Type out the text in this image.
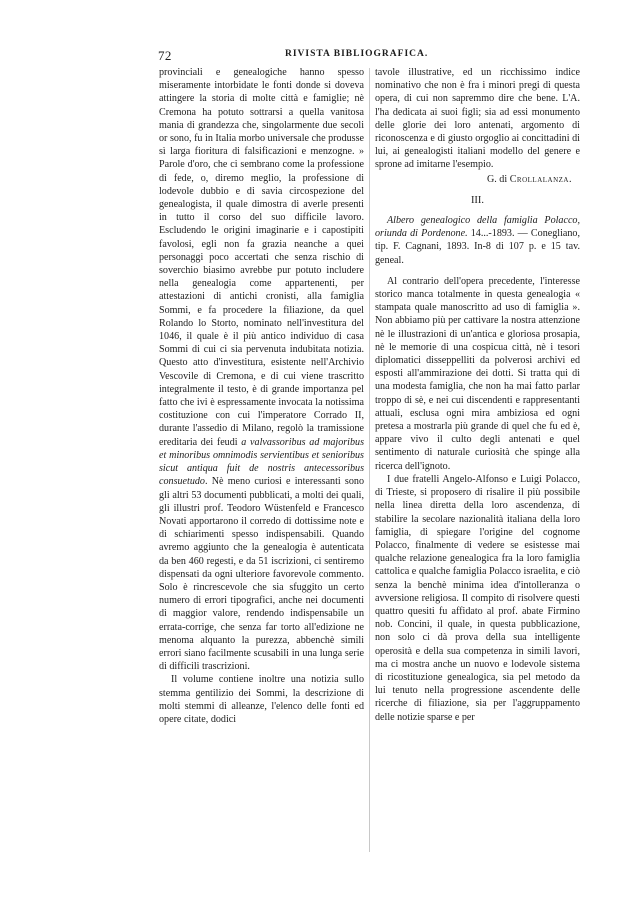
72	RIVISTA BIBLIOGRAFICA.

provinciali e genealogiche hanno spesso miseramente intorbidate le fonti donde si doveva attingere la storia di molte città e famiglie; nè Cremona ha potuto sottrarsi a quella vanitosa mania di grandezza che, singolarmente due secoli or sono, fu in Italia morbo universale che produsse sì larga fioritura di falsificazioni e menzogne. » Parole d'oro, che ci sembrano come la professione di fede, o, diremo meglio, la professione di lodevole dubbio e di savia circospezione del genealogista, il quale dimostra di averle presenti in tutto il corso del suo difficile lavoro. Escludendo le origini imaginarie e i capostipiti favolosi, egli non fa grazia neanche a quei personaggi poco accertati che senza rischio di soverchio biasimo avrebbe pur potuto includere nella genealogia come appartenenti, per attestazioni di antichi cronisti, alla famiglia Sommi, e fa procedere la filiazione, da quel Rolando lo Storto, nominato nell'investitura del 1046, il quale è il più antico individuo di casa Sommi di cui ci sia pervenuta indubitata notizia. Questo atto d'investitura, esistente nell'Archivio Vescovile di Cremona, e di cui viene trascritto integralmente il testo, è di grande importanza pel fatto che ivi è espressamente invocata la notissima costituzione con cui l'imperatore Corrado II, durante l'assedio di Milano, regolò la tramissione ereditaria dei feudi a valvassoribus ad majoribus et minoribus omnimodis servientibus et senioribus sicut antiqua fuit de nostris antecessoribus consuetudo. Nè meno curiosi e interessanti sono gli altri 53 documenti pubblicati, a molti dei quali, gli illustri prof. Teodoro Wüstenfeld e Francesco Novati apportarono il corredo di dottissime note e di schiarimenti spesso indispensabili. Quando avremo aggiunto che la genealogia è autenticata da ben 460 regesti, e da 51 iscrizioni, ci sentiremo dispensati da ogni ulteriore favorevole commento. Solo è rincrescevole che sia sfuggito un certo numero di errori tipografici, anche nei documenti di maggior valore, rendendo indispensabile un errata-corrige, che senza far torto all'edizione ne menoma alquanto la purezza, abbenchè simili errori siano facilmente scusabili in una lunga serie di difficili trascrizioni.

Il volume contiene inoltre una notizia sullo stemma gentilizio dei Sommi, la descrizione di molti stemmi di alleanze, l'elenco delle fonti ed opere citate, dodici

tavole illustrative, ed un ricchissimo indice nominativo che non è fra i minori pregi di questa opera, di cui non sapremmo dire che bene. L'A. l'ha dedicata ai suoi figli; sia ad essi monumento delle glorie dei loro antenati, argomento di riconoscenza e di giusto orgoglio ai concittadini di lui, ai genealogisti italiani modello del genere e sprone ad imitarne l'esempio.

G. di Crollalanza.

III.

Albero genealogico della famiglia Polacco, oriunda di Pordenone. 14...-1893. — Conegliano, tip. F. Cagnani, 1893. In-8 di 107 p. e 15 tav. geneal.

Al contrario dell'opera precedente, l'interesse storico manca totalmente in questa genealogia « stampata quale manoscritto ad uso di famiglia ». Non abbiamo più per cattivare la nostra attenzione nè le illustrazioni di un'antica e gloriosa prosapia, nè le memorie di una cospicua città, nè i tesori diplomatici disseppelliti da polverosi archivi ed esposti all'ammirazione dei dotti. Si tratta qui di una modesta famiglia, che non ha mai fatto parlar troppo di sè, e nei cui discendenti e rappresentanti attuali, esclusa ogni mira ambiziosa ed ogni pretesa a mostrarla più grande di quel che fu ed è, appare vivo il culto degli antenati e quel sentimento di naturale curiosità che spinge alla ricerca dell'ignoto.

I due fratelli Angelo-Alfonso e Luigi Polacco, di Trieste, si proposero di risalire il più possibile nella linea diretta della loro ascendenza, di stabilire la secolare nazionalità italiana della loro famiglia, di spiegare l'origine del cognome Polacco, finalmente di vedere se esistesse mai qualche relazione genealogica fra la loro famiglia cattolica e qualche famiglia Polacco israelita, e ciò senza la benchè minima idea d'intolleranza o avversione religiosa. Il compito di risolvere questi quattro quesiti fu affidato al prof. abate Firmino nob. Concini, il quale, in questa pubblicazione, non solo ci dà prova della sua intelligente operosità e della sua competenza in simili lavori, ma ci mostra anche un nuovo e lodevole sistema di ricostituzione genealogica, sia pel metodo da lui tenuto nella progressione ascendente delle ricerche di filiazione, sia per l'aggruppamento delle notizie sparse e per
